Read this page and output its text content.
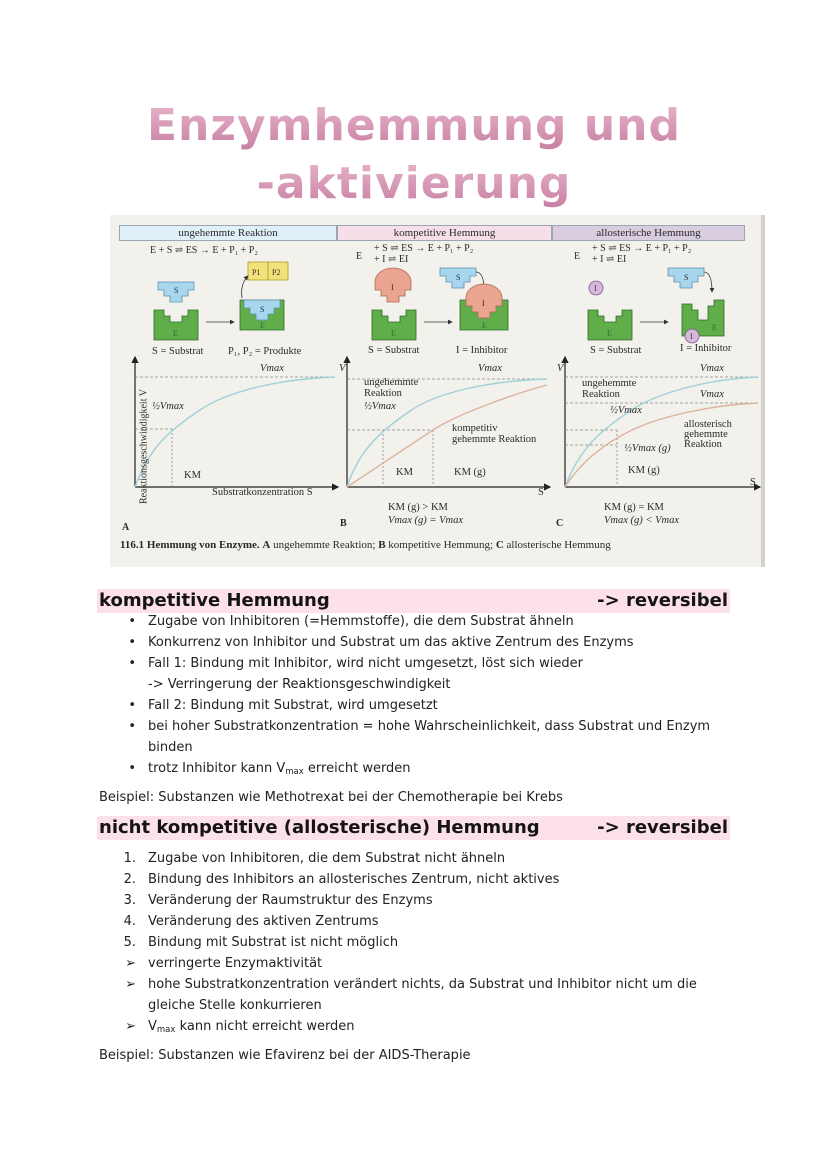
Enzymhemmung und
-aktivierung
ungehemmte Reaktion	kompetitive Hemmung	allosterische Hemmung
E + S ⇌ ES → E + P₁ + P₂
E
+ S ⇌ ES → E + P₁ + P₂
+ I ⇌ EI	E
+ S ⇌ ES → E + P₁ + P₂
+ I ⇌ EI
S
E
S
E
P1 P2
I
E
S
I
E
I
E
S
E
I
S = Substrat P₁, P₂ = Produkte	S = Substrat	I = Inhibitor	S = Substrat	I = Inhibitor
Reaktionsgeschwindigkeit V
Vmax
½Vmax
KM
Substratkonzentration S
A
V	Vmax
ungehemmte
Reaktion
½Vmax
kompetitiv
gehemmte Reaktion
KM	KM (g)
S
KM (g) > KM
Vmax (g) = Vmax
B
V	Vmax
ungehemmte
Reaktion	Vmax
½Vmax
allosterisch
gehemmte
Reaktion
½Vmax (g)
KM (g)
S
KM (g) = KM
Vmax (g) < Vmax
C
116.1 Hemmung von Enzyme. A ungehemmte Reaktion; B kompetitive Hemmung; C allosterische Hemmung
kompetitive Hemmung	-> reversibel
• Zugabe von Inhibitoren (=Hemmstoffe), die dem Substrat ähneln
• Konkurrenz von Inhibitor und Substrat um das aktive Zentrum des Enzyms
• Fall 1: Bindung mit Inhibitor, wird nicht umgesetzt, löst sich wieder
-> Verringerung der Reaktionsgeschwindigkeit
• Fall 2: Bindung mit Substrat, wird umgesetzt
• bei hoher Substratkonzentration = hohe Wahrscheinlichkeit, dass Substrat und Enzym
binden
• trotz Inhibitor kann $V_{max}$ erreicht werden
Beispiel: Substanzen wie Methotrexat bei der Chemotherapie bei Krebs
nicht kompetitive (allosterische) Hemmung	-> reversibel
1. Zugabe von Inhibitoren, die dem Substrat nicht ähneln
2. Bindung des Inhibitors an allosterisches Zentrum, nicht aktives
3. Veränderung der Raumstruktur des Enzyms
4. Veränderung des aktiven Zentrums
5. Bindung mit Substrat ist nicht möglich
➢ verringerte Enzymaktivität
➢ hohe Substratkonzentration verändert nichts, da Substrat und Inhibitor nicht um die
gleiche Stelle konkurrieren
➢ $V_{max}$ kann nicht erreicht werden
Beispiel: Substanzen wie Efavirenz bei der AIDS-Therapie
